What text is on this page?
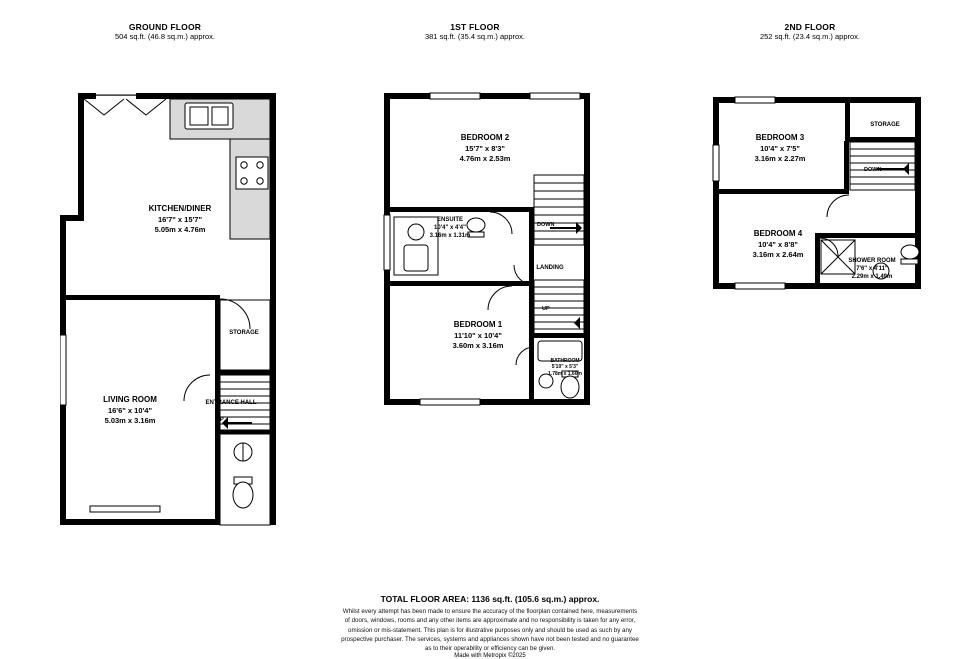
GROUND FLOOR
504 sq.ft. (46.8 sq.m.) approx.
KITCHEN/DINER
16'7" x 15'7"
5.05m x 4.76m
LIVING ROOM
16'6" x 10'4"
5.03m x 3.16m
STORAGE
ENTRANCE HALL
UP
1ST FLOOR
381 sq.ft. (35.4 sq.m.) approx.
BEDROOM 2
15'7" x 8'3"
4.76m x 2.53m
BEDROOM 1
11'10" x 10'4"
3.60m x 3.16m
ENSUITE
10'4" x 4'4"
3.16m x 1.31m
BATHROOM
5'10" x 5'3"
1.78m x 1.60m
LANDING
DOWN
UP
2ND FLOOR
252 sq.ft. (23.4 sq.m.) approx.
BEDROOM 3
10'4" x 7'5"
3.16m x 2.27m
BEDROOM 4
10'4" x 8'8"
3.16m x 2.64m
SHOWER ROOM
7'6" x 4'11"
2.29m x 1.49m
STORAGE
DOWN
TOTAL FLOOR AREA: 1136 sq.ft. (105.6 sq.m.) approx.
Whilst every attempt has been made to ensure the accuracy of the floorplan contained here, measurements
of doors, windows, rooms and any other items are approximate and no responsibility is taken for any error,
omission or mis-statement. This plan is for illustrative purposes only and should be used as such by any
prospective purchaser. The services, systems and appliances shown have not been tested and no guarantee
as to their operability or efficiency can be given.
Made with Metropix ©2025
